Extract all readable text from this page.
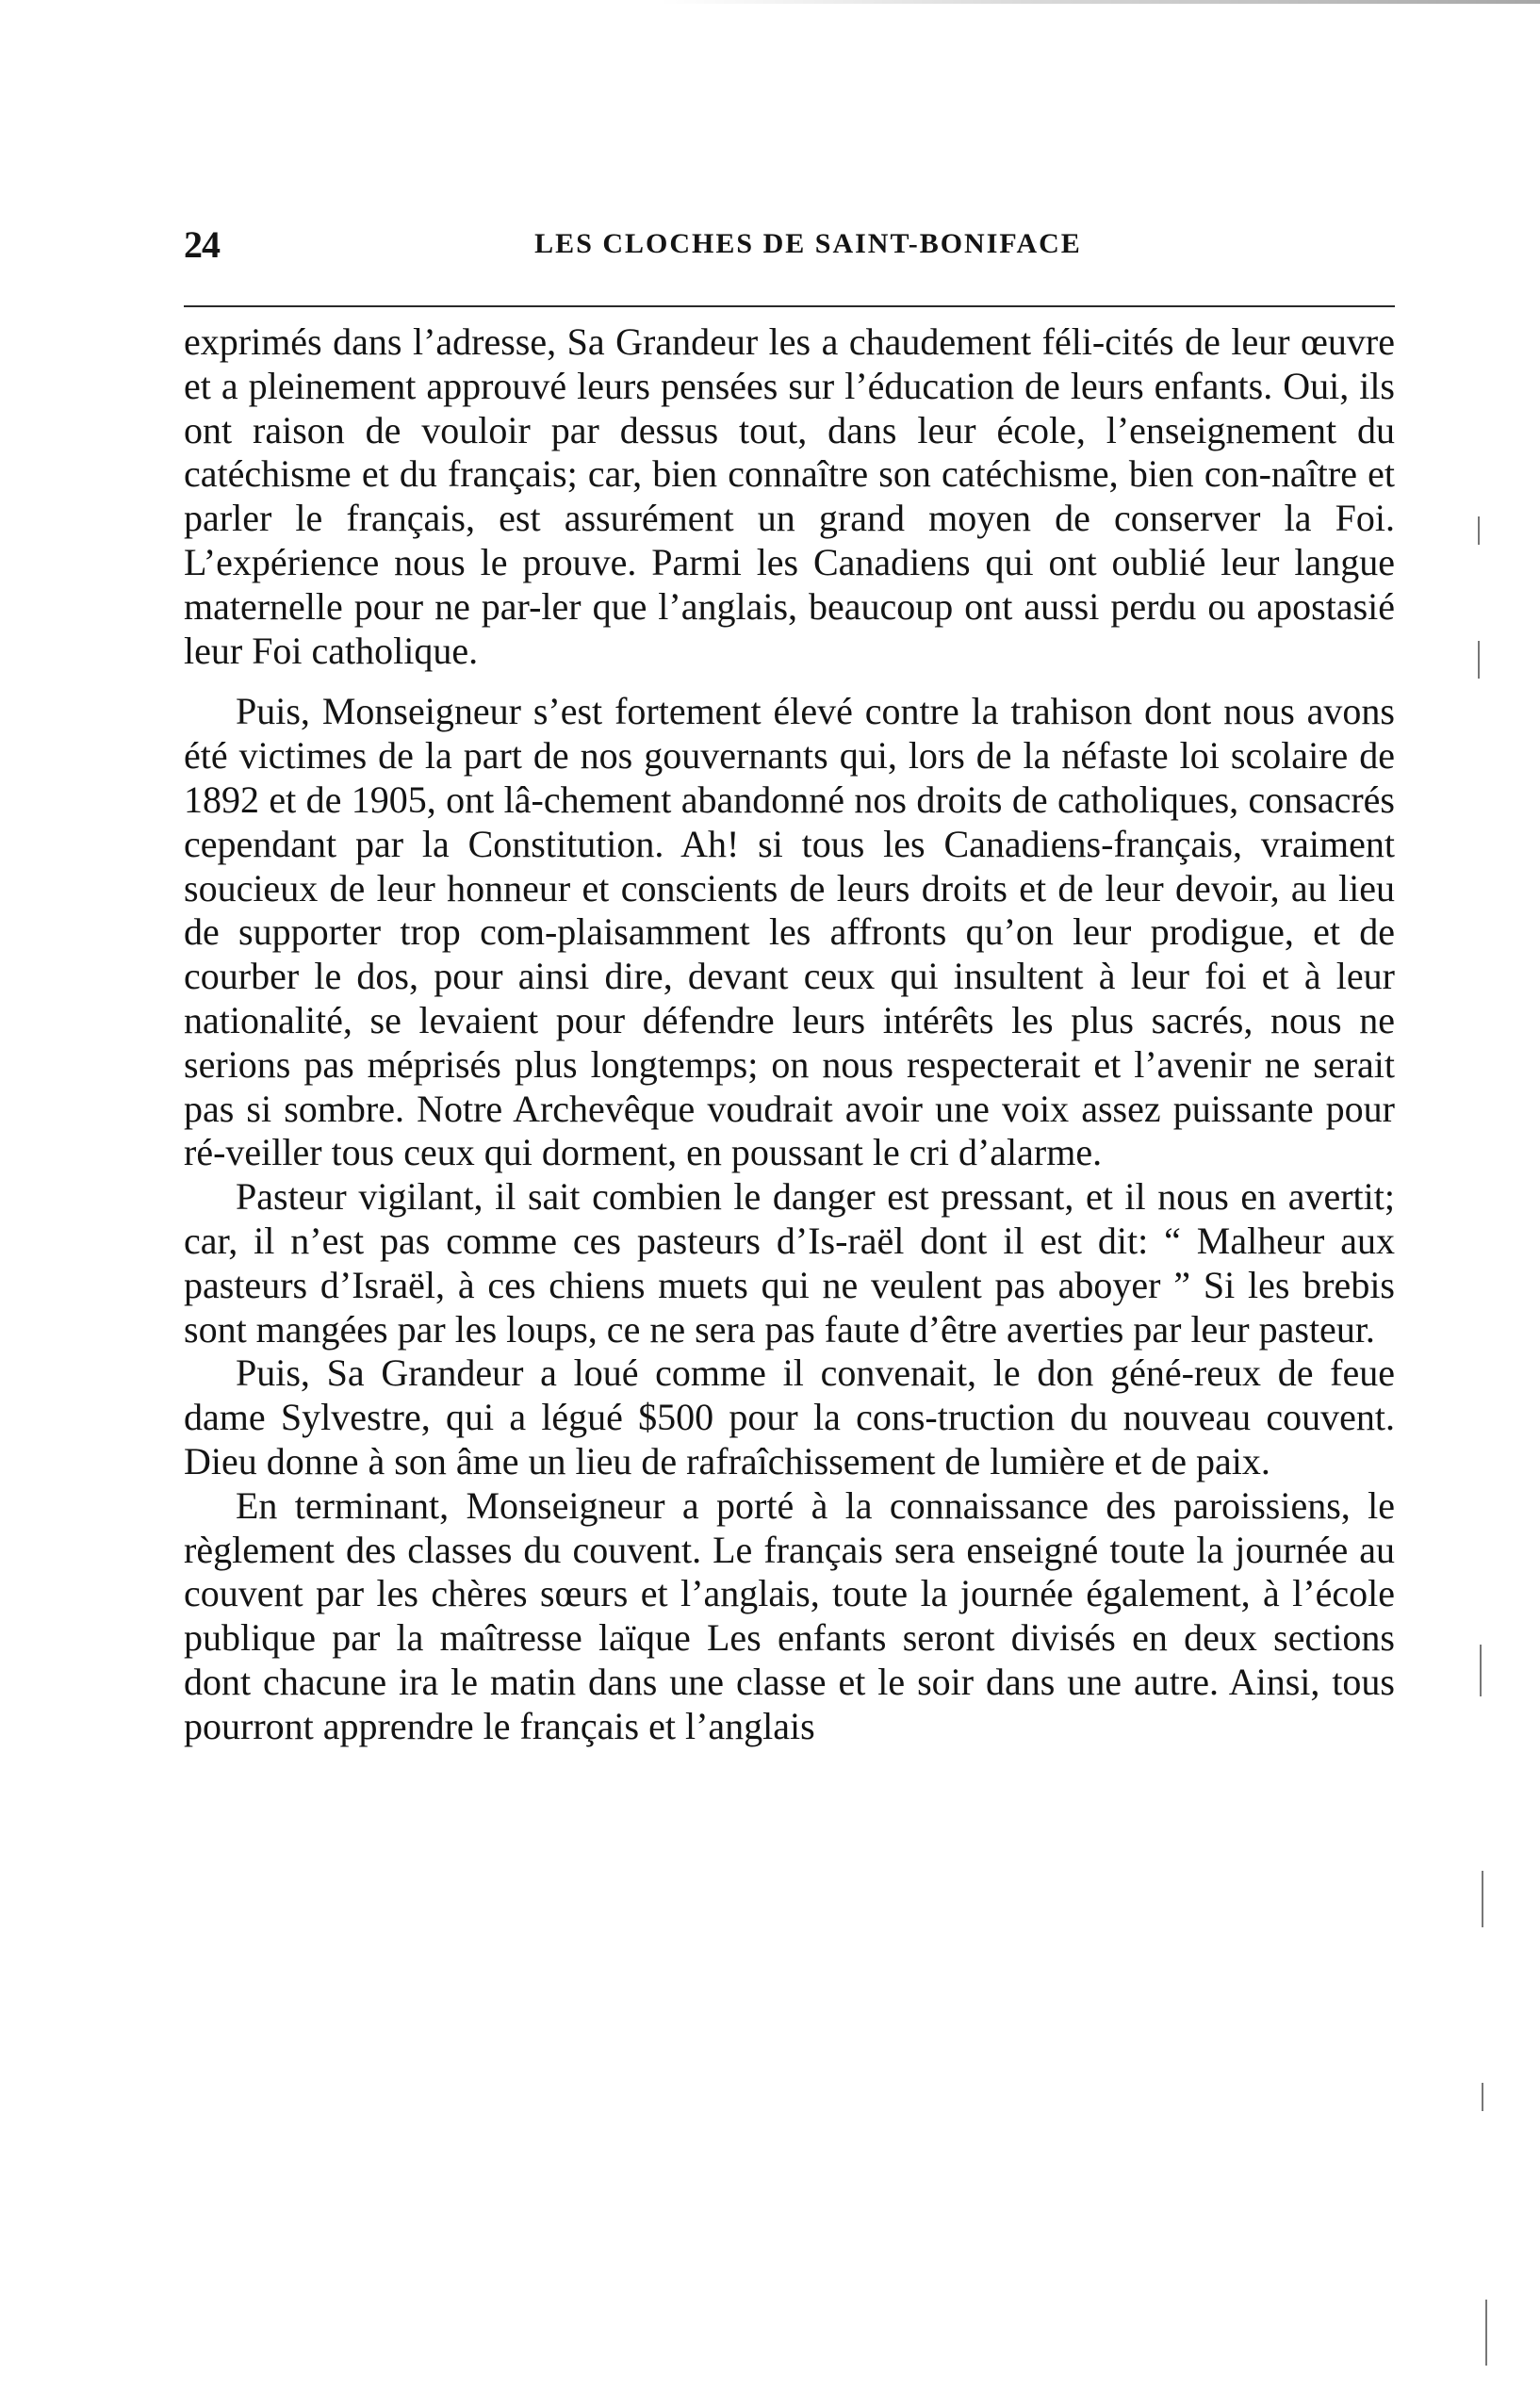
24	LES CLOCHES DE SAINT-BONIFACE

exprimés dans l’adresse, Sa Grandeur les a chaudement féli-cités de leur œuvre et a pleinement approuvé leurs pensées sur l’éducation de leurs enfants. Oui, ils ont raison de vouloir par dessus tout, dans leur école, l’enseignement du catéchisme et du français; car, bien connaître son catéchisme, bien con-naître et parler le français, est assurément un grand moyen de conserver la Foi. L’expérience nous le prouve. Parmi les Canadiens qui ont oublié leur langue maternelle pour ne par-ler que l’anglais, beaucoup ont aussi perdu ou apostasié leur Foi catholique.

Puis, Monseigneur s’est fortement élevé contre la trahison dont nous avons été victimes de la part de nos gouvernants qui, lors de la néfaste loi scolaire de 1892 et de 1905, ont lâ-chement abandonné nos droits de catholiques, consacrés cependant par la Constitution. Ah! si tous les Canadiens-français, vraiment soucieux de leur honneur et conscients de leurs droits et de leur devoir, au lieu de supporter trop com-plaisamment les affronts qu’on leur prodigue, et de courber le dos, pour ainsi dire, devant ceux qui insultent à leur foi et à leur nationalité, se levaient pour défendre leurs intérêts les plus sacrés, nous ne serions pas méprisés plus longtemps; on nous respecterait et l’avenir ne serait pas si sombre. Notre Archevêque voudrait avoir une voix assez puissante pour ré-veiller tous ceux qui dorment, en poussant le cri d’alarme.

Pasteur vigilant, il sait combien le danger est pressant, et il nous en avertit; car, il n’est pas comme ces pasteurs d’Is-raël dont il est dit: “ Malheur aux pasteurs d’Israël, à ces chiens muets qui ne veulent pas aboyer ” Si les brebis sont mangées par les loups, ce ne sera pas faute d’être averties par leur pasteur.

Puis, Sa Grandeur a loué comme il convenait, le don géné-reux de feue dame Sylvestre, qui a légué $500 pour la cons-truction du nouveau couvent. Dieu donne à son âme un lieu de rafraîchissement de lumière et de paix.

En terminant, Monseigneur a porté à la connaissance des paroissiens, le règlement des classes du couvent. Le français sera enseigné toute la journée au couvent par les chères sœurs et l’anglais, toute la journée également, à l’école publique par la maîtresse laïque Les enfants seront divisés en deux sections dont chacune ira le matin dans une classe et le soir dans une autre. Ainsi, tous pourront apprendre le français et l’anglais
